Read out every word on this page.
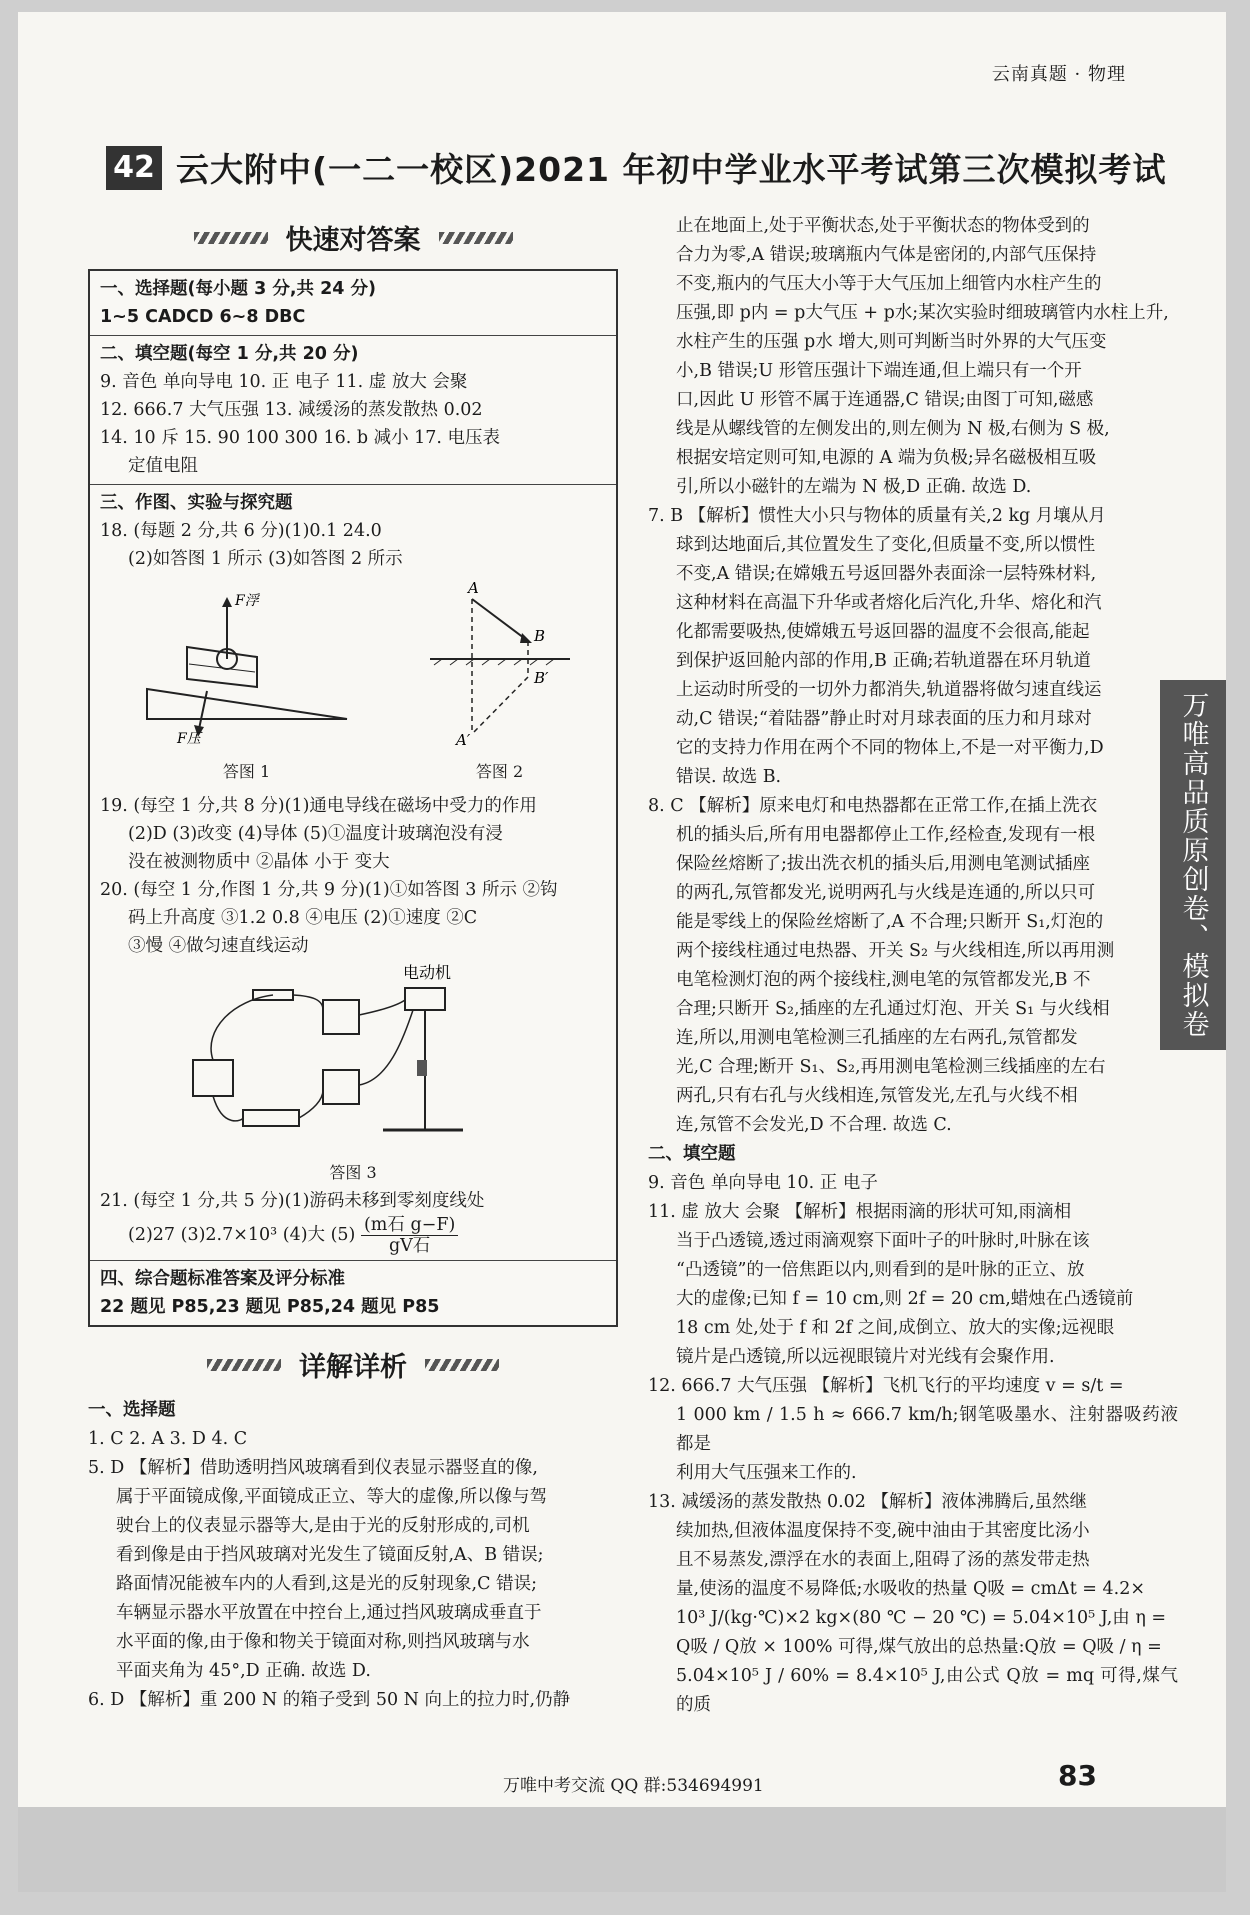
云南真题 · 物理
42 云大附中(一二一校区)2021 年初中学业水平考试第三次模拟考试
快速对答案
一、选择题(每小题 3 分,共 24 分)
1~5 CADCD 6~8 DBC
二、填空题(每空 1 分,共 20 分)
9. 音色 单向导电 10. 正 电子 11. 虚 放大 会聚
12. 666.7 大气压强 13. 减缓汤的蒸发散热 0.02
14. 10 斥 15. 90 100 300 16. b 减小 17. 电压表
定值电阻
三、作图、实验与探究题
18. (每题 2 分,共 6 分)(1)0.1 24.0
(2)如答图 1 所示 (3)如答图 2 所示
F浮
F压
答图 1
A
B
B′
A′
答图 2
19. (每空 1 分,共 8 分)(1)通电导线在磁场中受力的作用
(2)D (3)改变 (4)导体 (5)①温度计玻璃泡没有浸
没在被测物质中 ②晶体 小于 变大
20. (每空 1 分,作图 1 分,共 9 分)(1)①如答图 3 所示 ②钩
码上升高度 ③1.2 0.8 ④电压 (2)①速度 ②C
③慢 ④做匀速直线运动
电动机
答图 3
21. (每空 1 分,共 5 分)(1)游码未移到零刻度线处
(2)27 (3)2.7×10³ (4)大 $(5) \frac{\text{(m石 g−F)}}{\text{gV石}}$
四、综合题标准答案及评分标准
22 题见 P85,23 题见 P85,24 题见 P85
详解详析

一、选择题

1. C 2. A 3. D 4. C

5. D 【解析】借助透明挡风玻璃看到仪表显示器竖直的像,

属于平面镜成像,平面镜成正立、等大的虚像,所以像与驾

驶台上的仪表显示器等大,是由于光的反射形成的,司机

看到像是由于挡风玻璃对光发生了镜面反射,A、B 错误;

路面情况能被车内的人看到,这是光的反射现象,C 错误;

车辆显示器水平放置在中控台上,通过挡风玻璃成垂直于

水平面的像,由于像和物关于镜面对称,则挡风玻璃与水

平面夹角为 45°,D 正确. 故选 D.

6. D 【解析】重 200 N 的箱子受到 50 N 向上的拉力时,仍静

止在地面上,处于平衡状态,处于平衡状态的物体受到的

合力为零,A 错误;玻璃瓶内气体是密闭的,内部气压保持

不变,瓶内的气压大小等于大气压加上细管内水柱产生的

压强,即 p内 = p大气压 + p水;某次实验时细玻璃管内水柱上升,

水柱产生的压强 p水 增大,则可判断当时外界的大气压变

小,B 错误;U 形管压强计下端连通,但上端只有一个开

口,因此 U 形管不属于连通器,C 错误;由图丁可知,磁感

线是从螺线管的左侧发出的,则左侧为 N 极,右侧为 S 极,

根据安培定则可知,电源的 A 端为负极;异名磁极相互吸

引,所以小磁针的左端为 N 极,D 正确. 故选 D.

7. B 【解析】惯性大小只与物体的质量有关,2 kg 月壤从月

球到达地面后,其位置发生了变化,但质量不变,所以惯性

不变,A 错误;在嫦娥五号返回器外表面涂一层特殊材料,

这种材料在高温下升华或者熔化后汽化,升华、熔化和汽

化都需要吸热,使嫦娥五号返回器的温度不会很高,能起

到保护返回舱内部的作用,B 正确;若轨道器在环月轨道

上运动时所受的一切外力都消失,轨道器将做匀速直线运

动,C 错误;“着陆器”静止时对月球表面的压力和月球对

它的支持力作用在两个不同的物体上,不是一对平衡力,D

错误. 故选 B.

8. C 【解析】原来电灯和电热器都在正常工作,在插上洗衣

机的插头后,所有用电器都停止工作,经检查,发现有一根

保险丝熔断了;拔出洗衣机的插头后,用测电笔测试插座

的两孔,氖管都发光,说明两孔与火线是连通的,所以只可

能是零线上的保险丝熔断了,A 不合理;只断开 S₁,灯泡的

两个接线柱通过电热器、开关 S₂ 与火线相连,所以再用测

电笔检测灯泡的两个接线柱,测电笔的氖管都发光,B 不

合理;只断开 S₂,插座的左孔通过灯泡、开关 S₁ 与火线相

连,所以,用测电笔检测三孔插座的左右两孔,氖管都发

光,C 合理;断开 S₁、S₂,再用测电笔检测三线插座的左右

两孔,只有右孔与火线相连,氖管发光,左孔与火线不相

连,氖管不会发光,D 不合理. 故选 C.

二、填空题

9. 音色 单向导电 10. 正 电子

11. 虚 放大 会聚 【解析】根据雨滴的形状可知,雨滴相

当于凸透镜,透过雨滴观察下面叶子的叶脉时,叶脉在该

“凸透镜”的一倍焦距以内,则看到的是叶脉的正立、放

大的虚像;已知 f = 10 cm,则 2f = 20 cm,蜡烛在凸透镜前

18 cm 处,处于 f 和 2f 之间,成倒立、放大的实像;远视眼

镜片是凸透镜,所以远视眼镜片对光线有会聚作用.

12. 666.7 大气压强 【解析】飞机飞行的平均速度 v = s/t =

1 000 km / 1.5 h ≈ 666.7 km/h;钢笔吸墨水、注射器吸药液都是

利用大气压强来工作的.

13. 减缓汤的蒸发散热 0.02 【解析】液体沸腾后,虽然继

续加热,但液体温度保持不变,碗中油由于其密度比汤小

且不易蒸发,漂浮在水的表面上,阻碍了汤的蒸发带走热

量,使汤的温度不易降低;水吸收的热量 Q吸 = cmΔt = 4.2×

10³ J/(kg·℃)×2 kg×(80 ℃ − 20 ℃) = 5.04×10⁵ J,由 η =

Q吸 / Q放 × 100% 可得,煤气放出的总热量:Q放 = Q吸 / η =

5.04×10⁵ J / 60% = 8.4×10⁵ J,由公式 Q放 = mq 可得,煤气的质

万唯高品质原创卷、模拟卷
万唯中考交流 QQ 群:534694991	83
